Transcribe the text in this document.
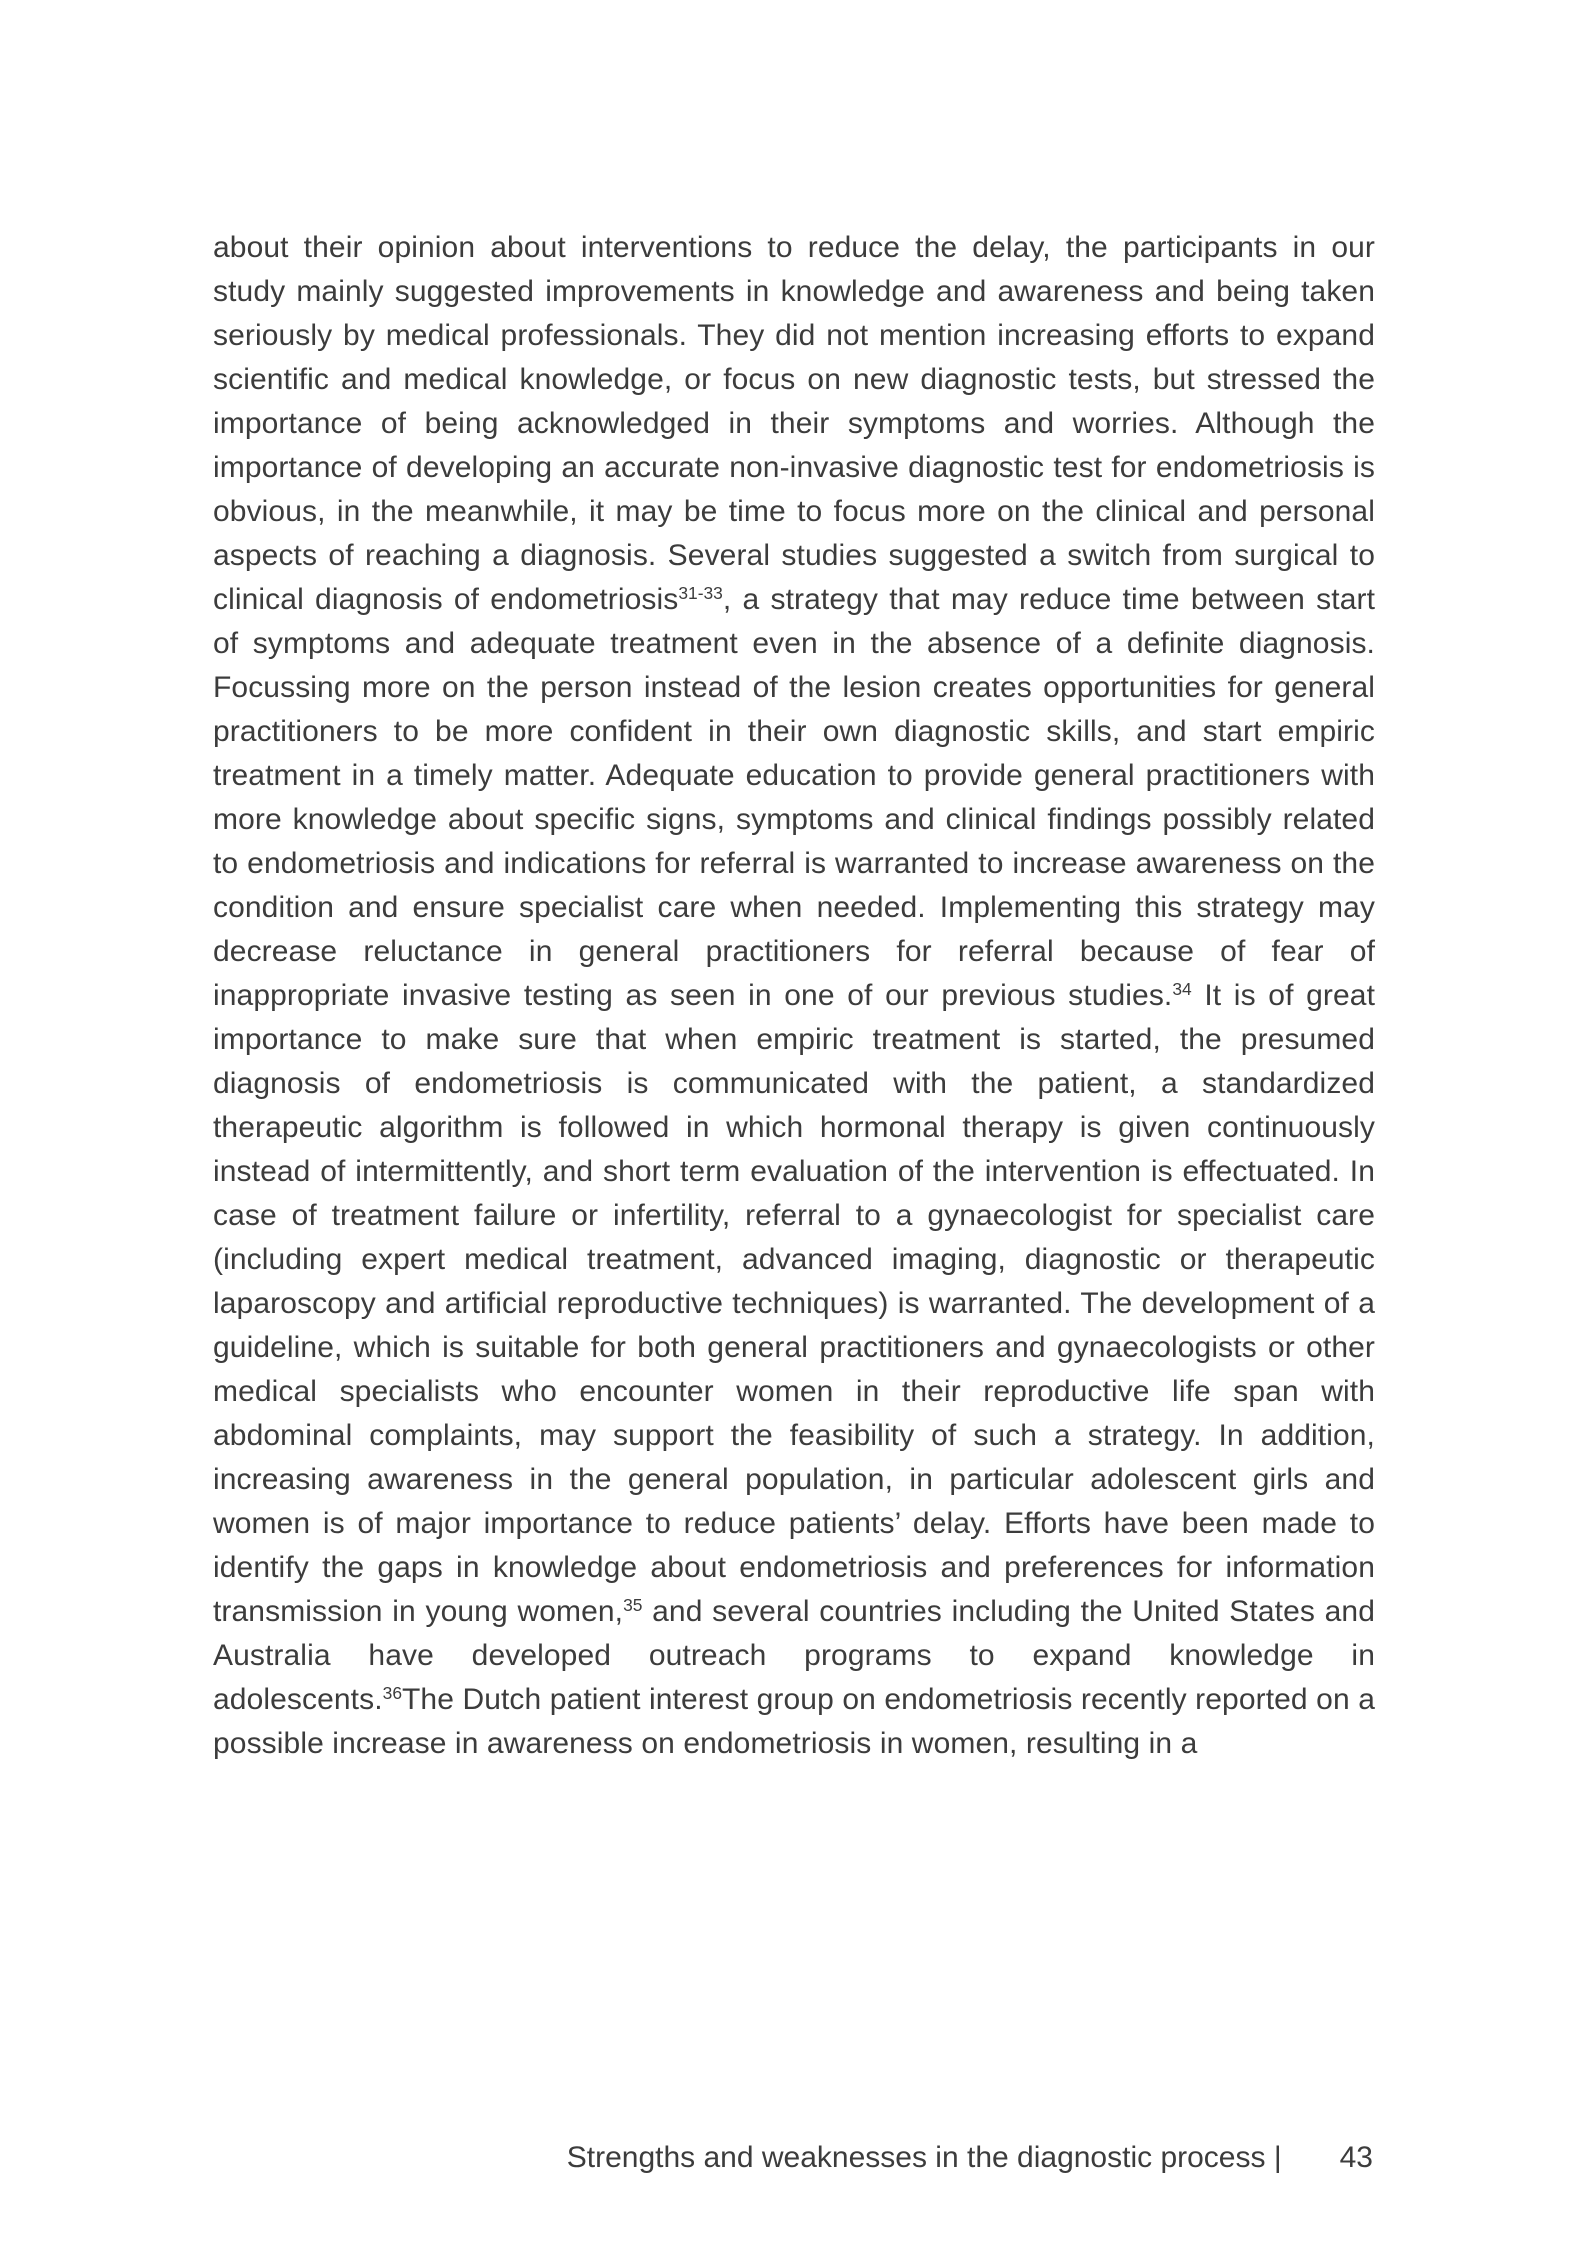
about their opinion about interventions to reduce the delay, the participants in our study mainly suggested improvements in knowledge and awareness and being taken seriously by medical professionals. They did not mention increasing efforts to expand scientific and medical knowledge, or focus on new diagnostic tests, but stressed the importance of being acknowledged in their symptoms and worries. Although the importance of developing an accurate non-invasive diagnostic test for endometriosis is obvious, in the meanwhile, it may be time to focus more on the clinical and personal aspects of reaching a diagnosis. Several studies suggested a switch from surgical to clinical diagnosis of endometriosis$^{31-33}$, a strategy that may reduce time between start of symptoms and adequate treatment even in the absence of a definite diagnosis. Focussing more on the person instead of the lesion creates opportunities for general practitioners to be more confident in their own diagnostic skills, and start empiric treatment in a timely matter. Adequate education to provide general practitioners with more knowledge about specific signs, symptoms and clinical findings possibly related to endometriosis and indications for referral is warranted to increase awareness on the condition and ensure specialist care when needed. Implementing this strategy may decrease reluctance in general practitioners for referral because of fear of inappropriate invasive testing as seen in one of our previous studies.$^{34}$ It is of great importance to make sure that when empiric treatment is started, the presumed diagnosis of endometriosis is communicated with the patient, a standardized therapeutic algorithm is followed in which hormonal therapy is given continuously instead of intermittently, and short term evaluation of the intervention is effectuated. In case of treatment failure or infertility, referral to a gynaecologist for specialist care (including expert medical treatment, advanced imaging, diagnostic or therapeutic laparoscopy and artificial reproductive techniques) is warranted. The development of a guideline, which is suitable for both general practitioners and gynaecologists or other medical specialists who encounter women in their reproductive life span with abdominal complaints, may support the feasibility of such a strategy. In addition, increasing awareness in the general population, in particular adolescent girls and women is of major importance to reduce patients’ delay. Efforts have been made to identify the gaps in knowledge about endometriosis and preferences for information transmission in young women,$^{35}$ and several countries including the United States and Australia have developed outreach programs to expand knowledge in adolescents.$^{36}$The Dutch patient interest group on endometriosis recently reported on a possible increase in awareness on endometriosis in women, resulting in a
Strengths and weaknesses in the diagnostic process | 43
